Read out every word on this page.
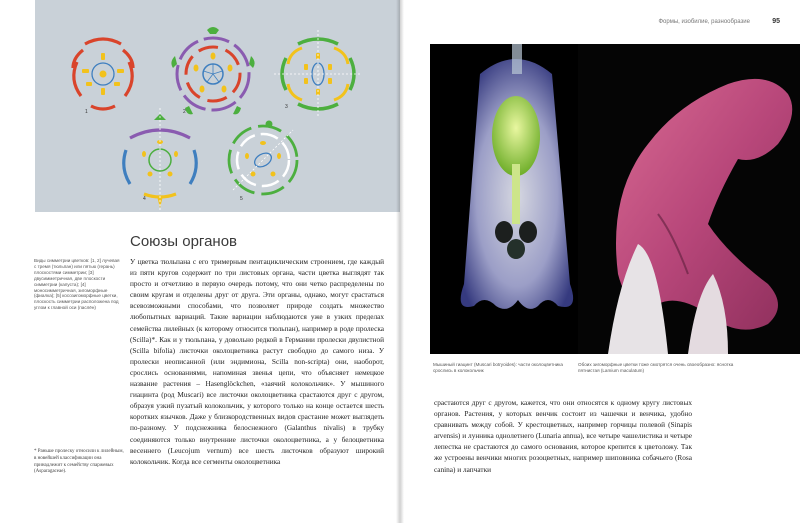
1	2
3
4	5
Союзы органов

Виды симметрии цветков: [1, 2] лучевая с тремя (тюльпан) или пятью (герань) плоскостями симметрии; [3] двусимметричная, две плоскости симметрии (капуста); [4] моносимметричная, зигоморфные (фиалка); [5] косозигоморфные цветки, плоскость симметрии расположена под углом к главной оси (паслён)

У цветка тюльпана с его тримерным пентациклическим строением, где каждый из пяти кругов содержит по три листовых органа, части цветка выглядят так просто и отчетливо в первую очередь потому, что они четко распределены по своим кругам и отделены друг от друга. Эти органы, однако, могут срастаться всевозможными способами, что позволяет природе создать множество любопытных вариаций. Такие вариации наблюдаются уже в узких пределах семейства лилейных (к которому относится тюльпан), например в роде пролеска (Scilla)*. Как и у тюльпана, у довольно редкой в Германии пролески двулистной (Scilla bifolia) листочки околоцветника растут свободно до самого низа. У пролески неописанной (или эндимиона, Scilla non-scripta) они, наоборот, срослись основаниями, напоминая звенья цепи, что объясняет немецкое название растения – Hasenglöckchen, «заячий колокольчик». У мышиного гиацинта (род Muscari) все листочки околоцветника срастаются друг с другом, образуя узкий пузатый колокольчик, у которого только на конце остается шесть коротких язычков. Даже у близкородственных видов срастание может выглядеть по-разному. У подснежника белоснежного (Galanthus nivalis) в трубку соединяются только внутренние листочки околоцветника, а у белоцветника весеннего (Leucojum vernum) все шесть листочков образуют широкий колокольчик. Когда все сегменты околоцветника

* Раньше пролеску относили к лилейным, в новейшей классификации она принадлежит к семейству спаржевых (Asparagaceae).

Формы, изобилие, разнообразие	95

Мышиный гиацинт (Muscari botryoides): части околоцветника срослись в колокольчик

Обоих зигоморфные цветки тоже смотрятся очень своеобразно: яснотка пятнистая (Lamium maculatum)

срастаются друг с другом, кажется, что они относятся к одному кругу листовых органов. Растения, у которых венчик состоит из чашечки и венчика, удобно сравнивать между собой. У крестоцветных, например горчицы полевой (Sinapis arvensis) и лунника однолетнего (Lunaria annua), все четыре чашелистика и четыре лепестка не срастаются до самого основания, которое крепится к цветоложу. Так же устроены венчики многих розоцветных, например шиповника собачьего (Rosa canina) и лапчатки
